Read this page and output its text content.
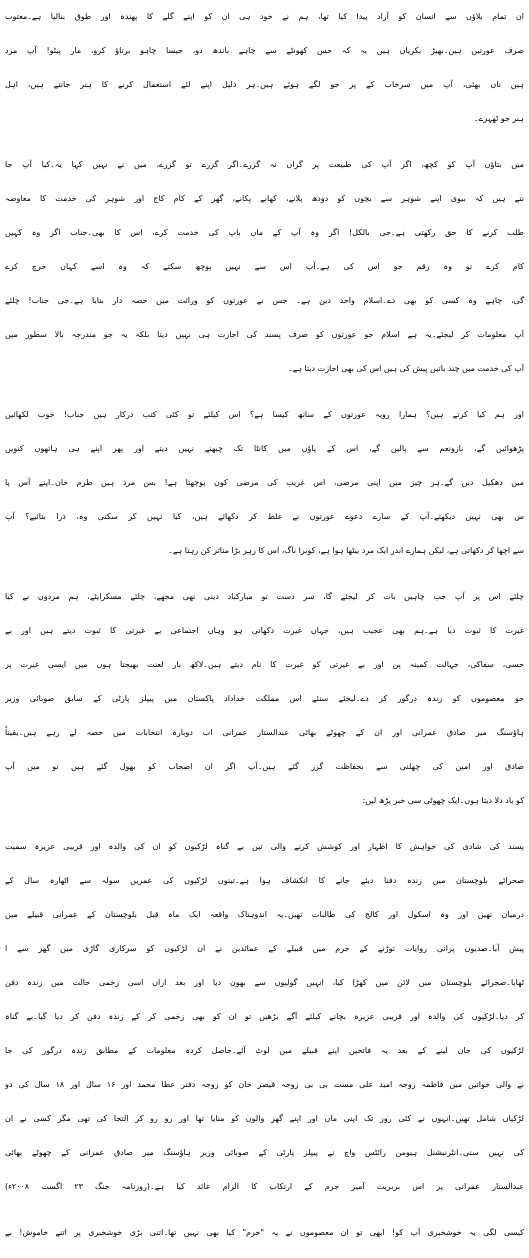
ان تمام بلاؤں سے انسان کو آزاد پیدا کیا تھا، ہم نے خود ہی ان کو اپنے گلے کا پھندہ اور طوق بنالیا ہے۔معتوب
صرف عورتیں ہیں۔بھیڑ بکریاں ہیں یہ کہ جس کھونٹے سے چاہے باندھ دو، جیسا چاہو برتاؤ کرو، مار پیٹو! آپ مرد
ہیں ناں بھئی، آپ میں سرخاب کے پر جو لگے ہوئے ہیں۔ہر ذلیل اپنے لئے استعمال کرنے کا ہنر جانتے ہیں، اہل
ہنر جو ٹھہرے۔
میں بتاؤں آپ کو کچھ، اگر آپ کی طبیعت پر گراں نہ گزرے۔اگر گزرے تو گزرے، میں نے نہیں کہا یہ۔کیا آپ جا
نتے ہیں کہ بیوی اپنے شوہر سے بچوں کو دودھ پلانے، کھانے پکانے، گھر کے کام کاج اور شوہر کی خدمت کا معاوضہ
طلب کرنے کا حق رکھتی ہے۔جی بالکل! اگر وہ آپ کے ماں باپ کی خدمت کرے، اس کا بھی۔جناب اگر وہ کہیں
کام کرے تو وہ رقم جو اس کی ہے۔آپ اس سے نہیں پوچھ سکتے کہ وہ اسے کہاں خرچ کرے
گی، چاہے وہ کسی کو بھی دے۔اسلام واحد دین ہے۔ جس نے عورتوں کو وراثت میں حصہ دار بنایا ہے۔جی جناب! چلئے
آپ معلومات کر لیجئے۔یہ ہے اسلام جو عورتوں کو صرف پسند کی اجازت ہی نہیں دیتا بلکہ یہ جو مندرجہ بالا سطور میں
آپ کی خدمت میں چند باتیں پیش کی ہیں اس کی بھی اجازت دیتا ہے۔
اور ہم کیا کرتے ہیں؟ ہمارا رویہ عورتوں کے ساتھ کیسا ہے؟ اس کیلئے تو کئی کتب درکار ہیں جناب! خوب لکھائیں
پڑھوائیں گے، نازونعم سے پالیں گے، اس کے پاؤں میں کانٹا تک چبھنے نہیں دیتے اور پھر اپنے ہی ہاتھوں کنویں
میں دھکیل دیں گے۔ہر چیز میں اپنی مرضی، اس غریب کی مرضی کون پوچھتا ہے! بس مرد ہیں طرم خان۔اپنے آس پا
س بھی نہیں دیکھتے۔آپ کے سارے دعوے عورتوں نے غلط کر دکھائے ہیں، کیا نہیں کر سکتی وہ، ذرا بتائیے؟ آپ
سے اچھا کر دکھاتی ہے، لیکن ہمارے اندر ایک مرد بیٹھا ہوا ہے، کوبرا ناگ، اس کا زہر بڑا متاثر کن رہتا ہے۔
چلئے اس پر آپ جب چاہیں بات کر لیجئے گا، سر دست تو مبارکباد دینی تھی مجھے، چلئے مسکرایئے، ہم مردوں نے کیا
غیرت کا ثبوت دیا ہے۔ہم بھی عجیب ہیں، جہاں غیرت دکھانی ہو وہاں اجتماعی بے غیرتی کا ثبوت دیتے ہیں اور بے
حسی، سفاکی، جہالت کمینہ پن اور بے غیرتی کو غیرت کا نام دیتے ہیں۔لاکھ بار لعنت بھیجتا ہوں میں ایسی غیرت پر
جو معصوموں کو زندہ درگور کر دے۔لیجئے سنئے اس مملکت خداداد پاکستان میں پیپلز پارٹی کے سابق صوبائی وزیر
ہاؤسنگ میر صادق عمرانی اور ان کے چھوٹے بھائی عبدالستار عمرانی اب دوبارہ انتخابات میں حصہ لے رہے ہیں۔یقیناً
صادق اور امین کی چھلنی سے بحفاظت گزر گئے ہیں۔آپ اگر ان اصحاب کو بھول گئے ہیں تو میں آپ
کو یاد دلا دیتا ہوں۔ایک چھوٹی سی خبر پڑھ لیں:
پسند کی شادی کی خواہش کا اظہار اور کوشش کرنے والی تین بے گناہ لڑکیوں کو ان کی والدہ اور قریبی عزیزہ سمیت
صحرائے بلوچستان میں زندہ دفنا دیئے جانے کا انکشاف ہوا ہے۔تینوں لڑکیوں کی عمریں سولہ سے اٹھارہ سال کے
درمیان تھیں اور وہ اسکول اور کالج کی طالبات تھیں۔یہ اندوہناک واقعہ ایک ماہ قبل بلوچستان کے عمرانی قبیلے میں
پیش آیا۔صدیوں پرانی روایات توڑنے کے جرم میں قبیلے کے عمائدین نے ان لڑکیوں کو سرکاری گاڑی میں گھر سے ا
ٹھایا۔صحرائے بلوچستان میں لائن میں کھڑا کیا، انہیں گولیوں سے بھون دیا اور بعد ازاں اسی زخمی حالت میں زندہ دفن
کر دیا۔لڑکیوں کی والدہ اور قریبی عزیزہ بچانے کیلئے آگے بڑھیں تو ان کو بھی زخمی کر کے زندہ دفن کر دیا گیا۔بے گناہ
لڑکیوں کی جان لینے کے بعد یہ فاتحین اپنے قبیلے میں لوٹ آئے۔حاصل کردہ معلومات کے مطابق زندہ درگور کی جا
نے والی خواتین میں فاطمہ زوجہ امید علی مست بی بی زوجہ قیصر خان کو زوجہ دفتر عطا محمد اور ۱۶ سال اور ۱۸ سال کی دو
لڑکیاں شامل تھیں۔انہوں نے کئی روز تک اپنی ماں اور اپنے گھر والوں کو منایا تھا اور رو رو کر التجا کی تھی مگر کسی نے ان
کی نہیں سنی۔انٹرنیشنل ہیومن رائٹس واچ نے پیپلز پارٹی کے صوبائی وزیر ہاؤسنگ میر صادق عمرانی کے چھوٹے بھائی
عبدالستار عمرانی پر اس بربریت آمیز جرم کے ارتکاب کا الزام عائد کیا ہے۔(روزنامہ جنگ ۲۳ اگست ۲۰۰۸ء)
کیسی لگی یہ خوشخبری آپ کو! ابھی تو ان معصوموں نے یہ "جرم" کیا بھی نہیں تھا۔اتنی بڑی خوشخبری پر اتنے خاموش! بے
